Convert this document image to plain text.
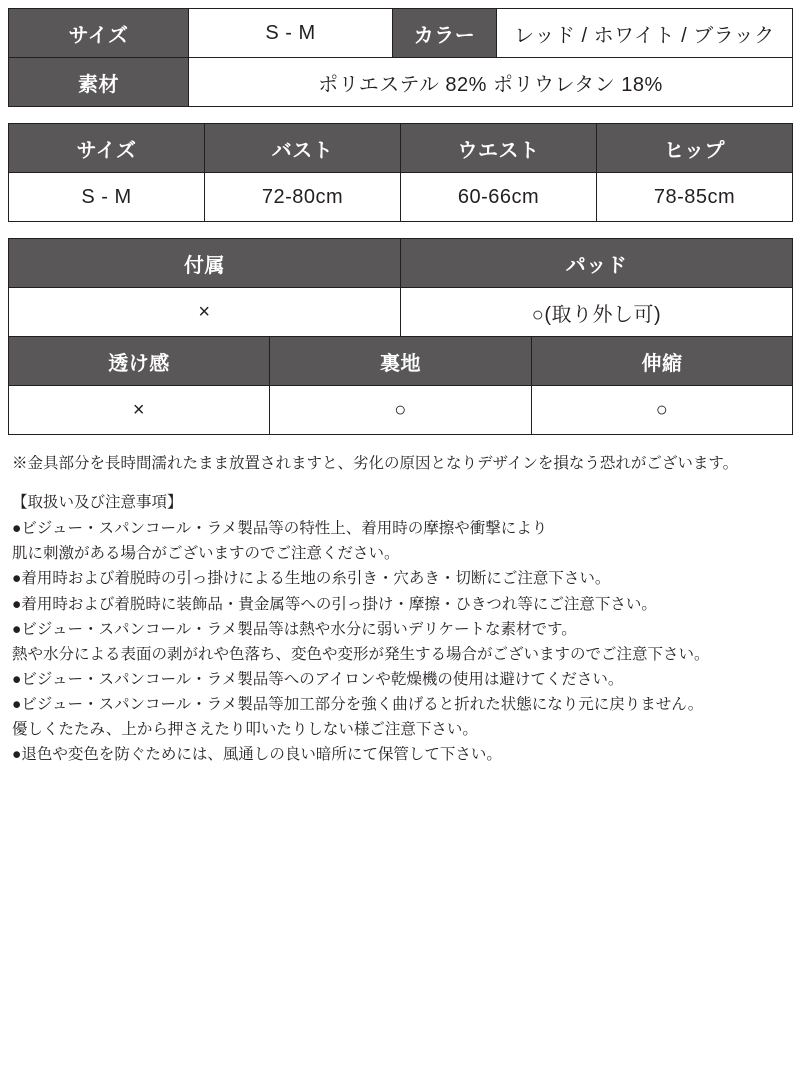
サイズ	S - M	カラー	レッド / ホワイト / ブラック
素材	ポリエステル 82% ポリウレタン 18%		
サイズ	バスト	ウエスト	ヒップ
S - M	72-80cm	60-66cm	78-85cm
付属		パッド	
×		○(取り外し可)	
透け感	裏地		伸縮
×	○		○

※金具部分を長時間濡れたまま放置されますと、劣化の原因となりデザインを損なう恐れがございます。

【取扱い及び注意事項】

●ビジュー・スパンコール・ラメ製品等の特性上、着用時の摩擦や衝撃により

肌に刺激がある場合がございますのでご注意ください。

●着用時および着脱時の引っ掛けによる生地の糸引き・穴あき・切断にご注意下さい。

●着用時および着脱時に装飾品・貴金属等への引っ掛け・摩擦・ひきつれ等にご注意下さい。

●ビジュー・スパンコール・ラメ製品等は熱や水分に弱いデリケートな素材です。

熱や水分による表面の剥がれや色落ち、変色や変形が発生する場合がございますのでご注意下さい。

●ビジュー・スパンコール・ラメ製品等へのアイロンや乾燥機の使用は避けてください。

●ビジュー・スパンコール・ラメ製品等加工部分を強く曲げると折れた状態になり元に戻りません。

優しくたたみ、上から押さえたり叩いたりしない様ご注意下さい。

●退色や変色を防ぐためには、風通しの良い暗所にて保管して下さい。
